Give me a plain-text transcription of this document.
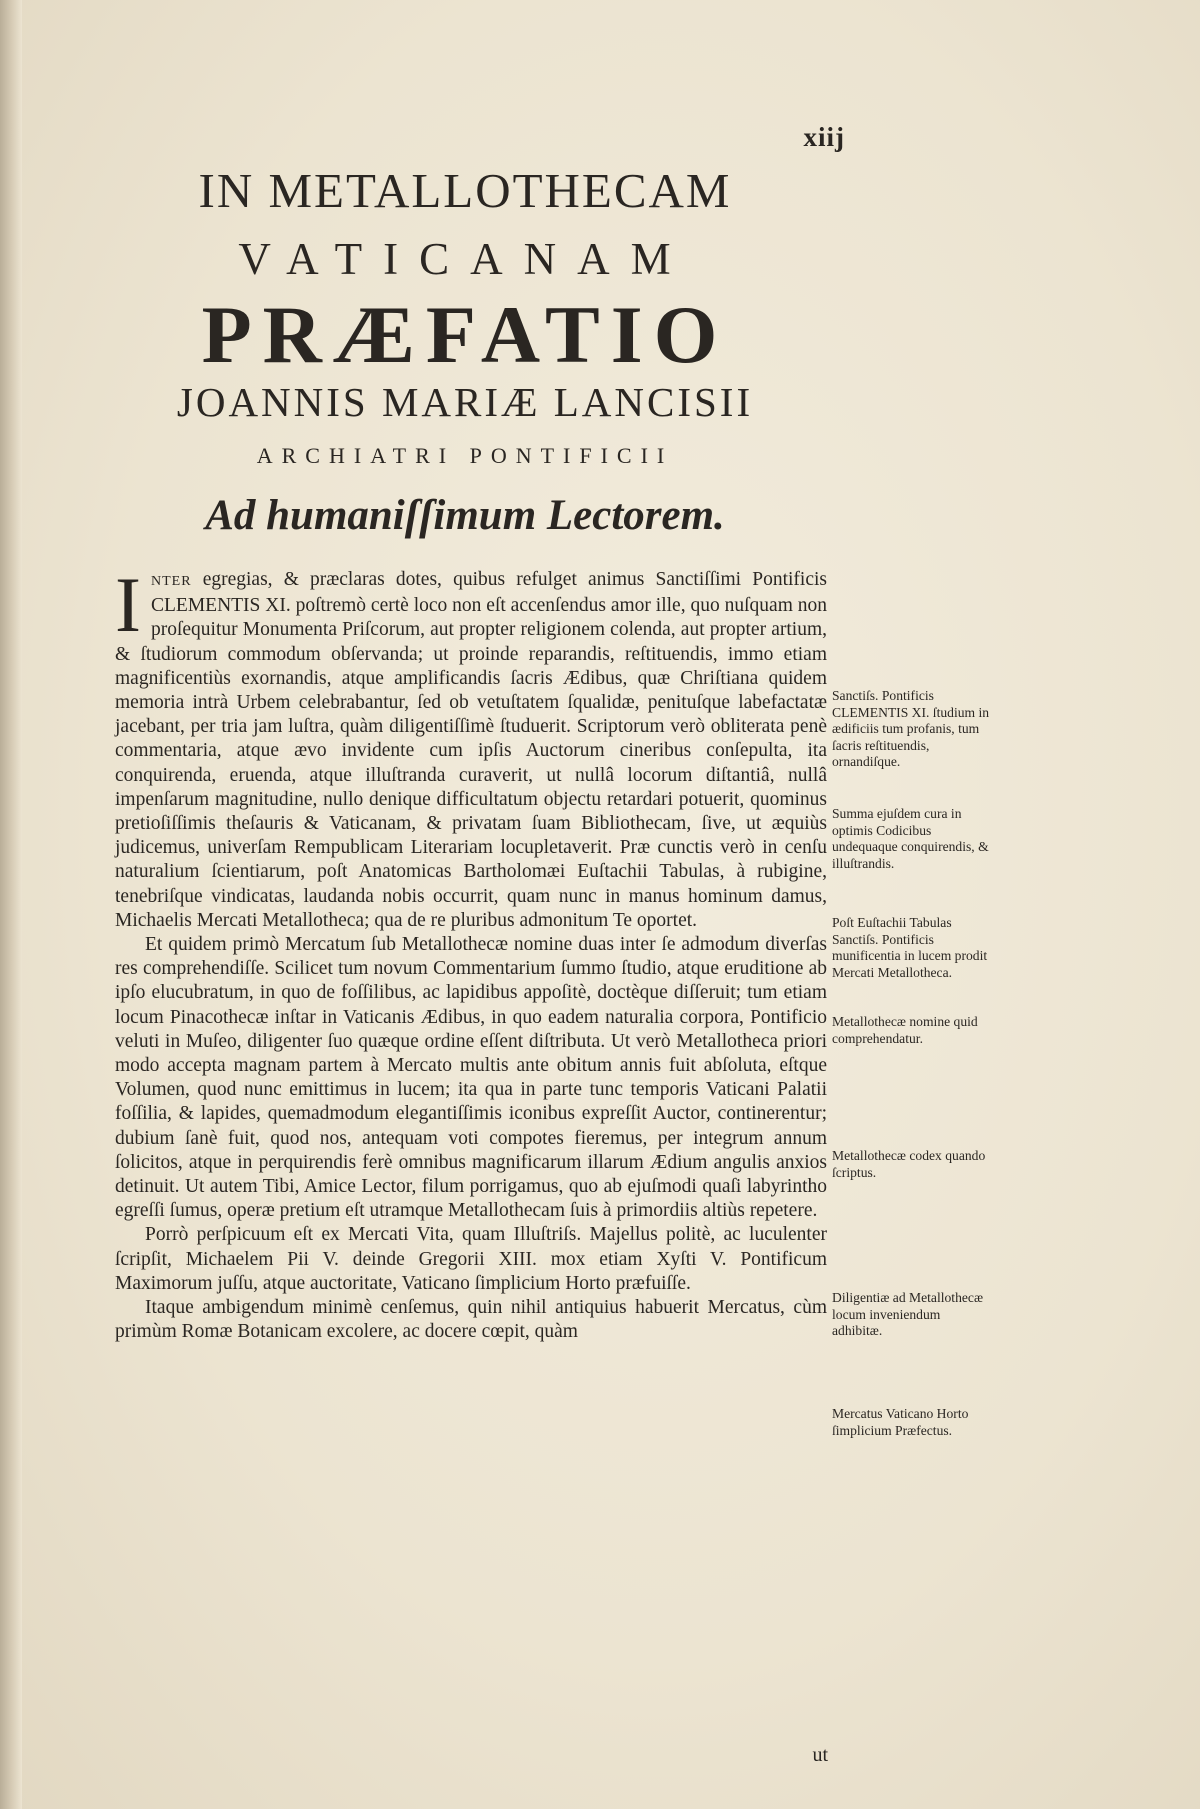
xiij
IN METALLOTHECAM
VATICANAM
PRÆFATIO
JOANNIS MARIÆ LANCISII
ARCHIATRI PONTIFICII
Ad humaniſſimum Lectorem.

INTER egregias, & præclaras dotes, quibus refulget animus Sanctiſſimi Pontificis CLEMENTIS XI. poſtremò certè loco non eſt accenſendus amor ille, quo nuſquam non proſequitur Monumenta Priſcorum, aut propter religionem colenda, aut propter artium, & ſtudiorum commodum obſervanda; ut proinde reparandis, reſtituendis, immo etiam magnificentiùs exornandis, atque amplificandis ſacris Ædibus, quæ Chriſtiana quidem memoria intrà Urbem celebrabantur, ſed ob vetuſtatem ſqualidæ, penituſque labefactatæ jacebant, per tria jam luſtra, quàm diligentiſſimè ſtuduerit. Scriptorum verò obliterata penè commentaria, atque ævo invidente cum ipſis Auctorum cineribus conſepulta, ita conquirenda, eruenda, atque illuſtranda curaverit, ut nullâ locorum diſtantiâ, nullâ impenſarum magnitudine, nullo denique difficultatum objectu retardari potuerit, quominus pretioſiſſimis theſauris & Vaticanam, & privatam ſuam Bibliothecam, ſive, ut æquiùs judicemus, univerſam Rempublicam Literariam locupletaverit. Præ cunctis verò in cenſu naturalium ſcientiarum, poſt Anatomicas Bartholomæi Euſtachii Tabulas, à rubigine, tenebriſque vindicatas, laudanda nobis occurrit, quam nunc in manus hominum damus, Michaelis Mercati Metallotheca; qua de re pluribus admonitum Te oportet.

Et quidem primò Mercatum ſub Metallothecæ nomine duas inter ſe admodum diverſas res comprehendiſſe. Scilicet tum novum Commentarium ſummo ſtudio, atque eruditione ab ipſo elucubratum, in quo de foſſilibus, ac lapidibus appoſitè, doctèque diſſeruit; tum etiam locum Pinacothecæ inſtar in Vaticanis Ædibus, in quo eadem naturalia corpora, Pontificio veluti in Muſeo, diligenter ſuo quæque ordine eſſent diſtributa. Ut verò Metallotheca priori modo accepta magnam partem à Mercato multis ante obitum annis fuit abſoluta, eſtque Volumen, quod nunc emittimus in lucem; ita qua in parte tunc temporis Vaticani Palatii foſſilia, & lapides, quemadmodum elegantiſſimis iconibus expreſſit Auctor, continerentur; dubium ſanè fuit, quod nos, antequam voti compotes fieremus, per integrum annum ſolicitos, atque in perquirendis ferè omnibus magnificarum illarum Ædium angulis anxios detinuit. Ut autem Tibi, Amice Lector, filum porrigamus, quo ab ejuſmodi quaſi labyrintho egreſſi ſumus, operæ pretium eſt utramque Metallothecam ſuis à primordiis altiùs repetere.

Porrò perſpicuum eſt ex Mercati Vita, quam Illuſtriſs. Majellus politè, ac luculenter ſcripſit, Michaelem Pii V. deinde Gregorii XIII. mox etiam Xyſti V. Pontificum Maximorum juſſu, atque auctoritate, Vaticano ſimplicium Horto præfuiſſe.

Itaque ambigendum minimè cenſemus, quin nihil antiquius habuerit Mercatus, cùm primùm Romæ Botanicam excolere, ac docere cœpit, quàm

ut

Sanctiſs. Pontificis CLEMENTIS XI. ſtudium in ædificiis tum profanis, tum ſacris reſtituendis, ornandiſque.

Summa ejuſdem cura in optimis Codicibus undequaque conquirendis, & illuſtrandis.

Poſt Euſtachii Tabulas Sanctiſs. Pontificis munificentia in lucem prodit Mercati Metallotheca.

Metallothecæ nomine quid comprehendatur.

Metallothecæ codex quando ſcriptus.

Diligentiæ ad Metallothecæ locum inveniendum adhibitæ.

Mercatus Vaticano Horto ſimplicium Præfectus.
